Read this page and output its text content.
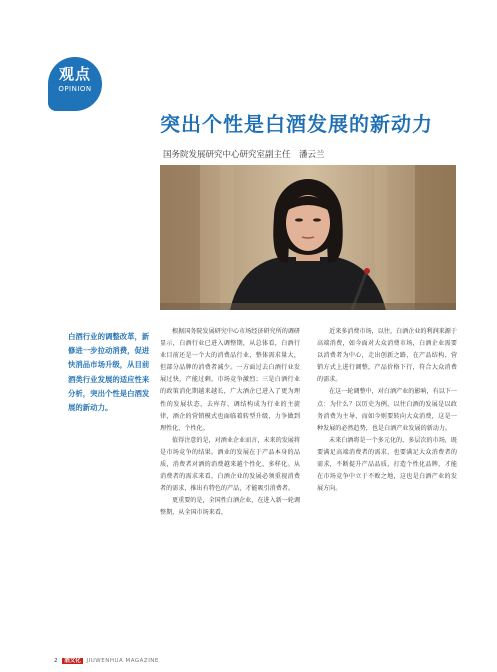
观点
OPINION
突出个性是白酒发展的新动力
国务院发展研究中心研究室副主任　潘云兰
白酒行业的调整改革，新修进一步拉动消费，促进快消品市场升级，从目前酒类行业发展的适应性来分析，突出个性是白酒发展的新动力。

根据国务院发展研究中心市场经济研究所的调研显示，白酒行业已进入调整期，从总体看，白酒行业目前还是一个大的消费品行业，整体需求量大，但部分品牌的消费者减少。一方面过去白酒行业发展过快，产能过剩，市场竞争激烈；三是白酒行业的政策消化期越来越长，广大酒企已进入了更为理性的发展状态，去库存、调结构成为行业的主旋律，酒企的营销模式也面临着转型升级，力争做到理性化、个性化。

值得注意的是，对酒业企业而言，未来的发展将是市场竞争的结果。酒业的发展在于产品本身的品质，消费者对酒的消费越来越个性化、多样化。从消费者的需求来看，白酒企业的发展必须重视消费者的需求，推出有特色的产品，才能吸引消费者。

更重要的是，全国性白酒企业，在进入新一轮调整期，从全国市场来看，

近来多消费市场，以往，白酒企业的利润来源于高端消费，如今面对大众消费市场，白酒企业需要以消费者为中心，走出创新之路，在产品结构、营销方式上进行调整，产品价格下行，符合大众消费的需求。

在这一轮调整中，对白酒产业的影响，有以下一点：为什么？以历史为例，以往白酒的发展是以政务消费为主导，而如今则要转向大众消费，这是一种发展的必然趋势，也是白酒产业发展的新动力。

未来白酒将是一个多元化的、多层次的市场，既要满足高端消费者的需求，也要满足大众消费者的需求，不断提升产品品质，打造个性化品牌，才能在市场竞争中立于不败之地，这也是白酒产业的发展方向。

2 酒文化 JIUWENHUA MAGAZINE
